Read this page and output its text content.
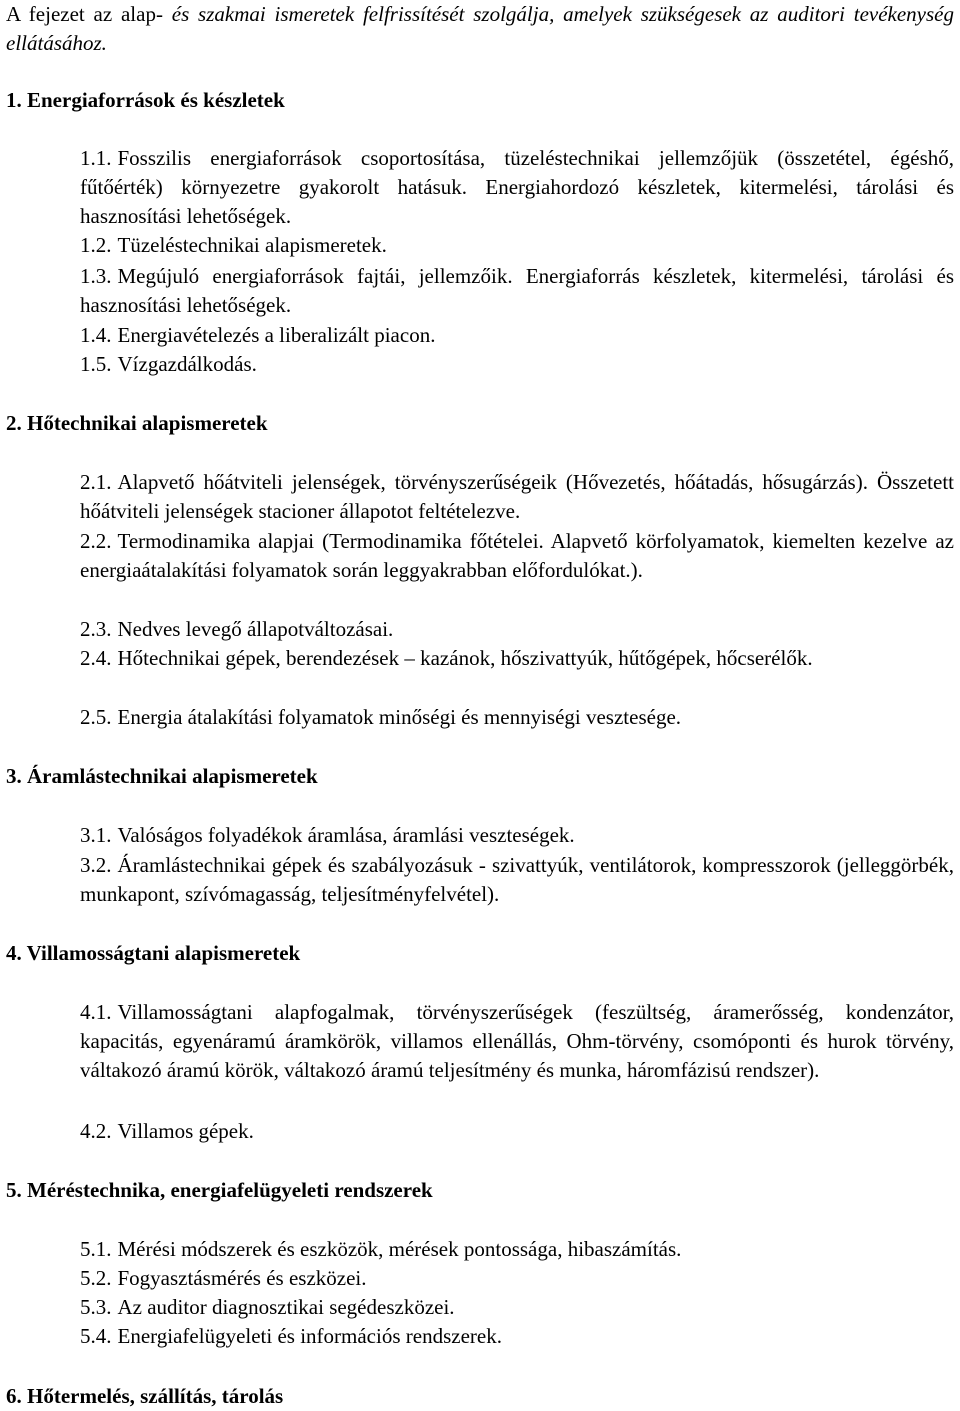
A fejezet az alap- és szakmai ismeretek felfrissítését szolgálja, amelyek szükségesek az auditori tevékenység ellátásához.

1. Energiaforrások és készletek

1.1. Fosszilis energiaforrások csoportosítása, tüzeléstechnikai jellemzőjük (összetétel, égéshő, fűtőérték) környezetre gyakorolt hatásuk. Energiahordozó készletek, kitermelési, tárolási és hasznosítási lehetőségek.

1.2. Tüzeléstechnikai alapismeretek.

1.3. Megújuló energiaforrások fajtái, jellemzőik. Energiaforrás készletek, kitermelési, tárolási és hasznosítási lehetőségek.

1.4. Energiavételezés a liberalizált piacon.

1.5. Vízgazdálkodás.

2. Hőtechnikai alapismeretek

2.1. Alapvető hőátviteli jelenségek, törvényszerűségeik (Hővezetés, hőátadás, hősugárzás). Összetett hőátviteli jelenségek stacioner állapotot feltételezve.

2.2. Termodinamika alapjai (Termodinamika főtételei. Alapvető körfolyamatok, kiemelten kezelve az energiaátalakítási folyamatok során leggyakrabban előfordulókat.).

2.3. Nedves levegő állapotváltozásai.

2.4. Hőtechnikai gépek, berendezések – kazánok, hőszivattyúk, hűtőgépek, hőcserélők.

2.5. Energia átalakítási folyamatok minőségi és mennyiségi vesztesége.

3. Áramlástechnikai alapismeretek

3.1. Valóságos folyadékok áramlása, áramlási veszteségek.

3.2. Áramlástechnikai gépek és szabályozásuk - szivattyúk, ventilátorok, kompresszorok (jelleggörbék, munkapont, szívómagasság, teljesítményfelvétel).

4. Villamosságtani alapismeretek

4.1. Villamosságtani alapfogalmak, törvényszerűségek (feszültség, áramerősség, kondenzátor, kapacitás, egyenáramú áramkörök, villamos ellenállás, Ohm-törvény, csomóponti és hurok törvény, váltakozó áramú körök, váltakozó áramú teljesítmény és munka, háromfázisú rendszer).

4.2. Villamos gépek.

5. Méréstechnika, energiafelügyeleti rendszerek

5.1. Mérési módszerek és eszközök, mérések pontossága, hibaszámítás.

5.2. Fogyasztásmérés és eszközei.

5.3. Az auditor diagnosztikai segédeszközei.

5.4. Energiafelügyeleti és információs rendszerek.

6. Hőtermelés, szállítás, tárolás
